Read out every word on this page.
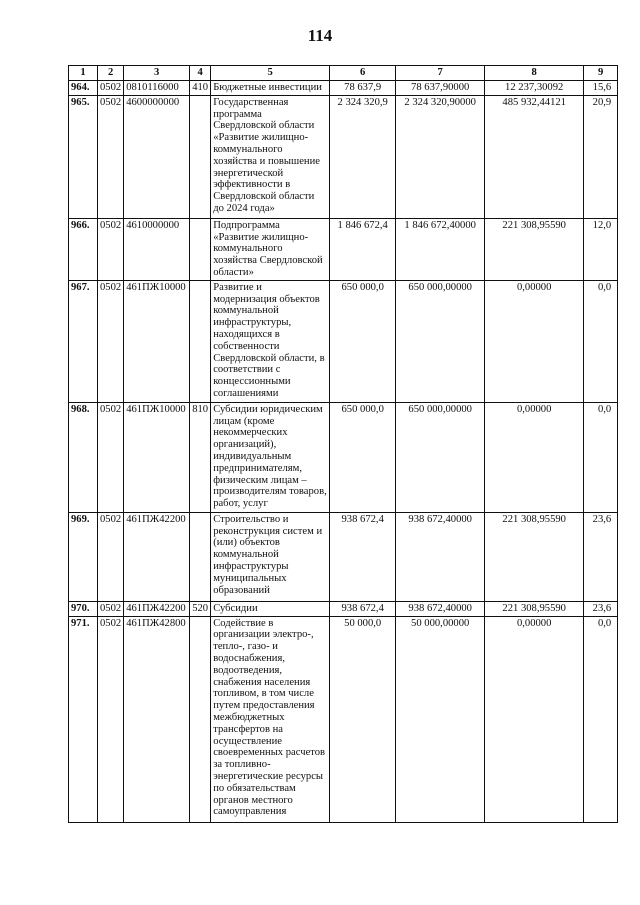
114
1	2	3	4	5	6	7	8	9
964.	0502	0810116000	410	Бюджетные инвестиции	78 637,9	78 637,90000	12 237,30092	15,6
965.	0502	4600000000		Государственная программа Свердловской области «Развитие жилищно-коммунального хозяйства и повышение энергетической эффективности в Свердловской области до 2024 года»	2 324 320,9	2 324 320,90000	485 932,44121	20,9
966.	0502	4610000000		Подпрограмма «Развитие жилищно-коммунального хозяйства Свердловской области»	1 846 672,4	1 846 672,40000	221 308,95590	12,0
967.	0502	461ПЖ10000		Развитие и модернизация объектов коммунальной инфраструктуры, находящихся в собственности Свердловской области, в соответствии с концессионными соглашениями	650 000,0	650 000,00000	0,00000	0,0
968.	0502	461ПЖ10000	810	Субсидии юридическим лицам (кроме некоммерческих организаций), индивидуальным предпринимателям, физическим лицам – производителям товаров, работ, услуг	650 000,0	650 000,00000	0,00000	0,0
969.	0502	461ПЖ42200		Строительство и реконструкция систем и (или) объектов коммунальной инфраструктуры муниципальных образований	938 672,4	938 672,40000	221 308,95590	23,6
970.	0502	461ПЖ42200	520	Субсидии	938 672,4	938 672,40000	221 308,95590	23,6
971.	0502	461ПЖ42800		Содействие в организации электро-, тепло-, газо- и водоснабжения, водоотведения, снабжения населения топливом, в том числе путем предоставления межбюджетных трансфертов на осуществление своевременных расчетов за топливно-энергетические ресурсы по обязательствам органов местного самоуправления	50 000,0	50 000,00000	0,00000	0,0
